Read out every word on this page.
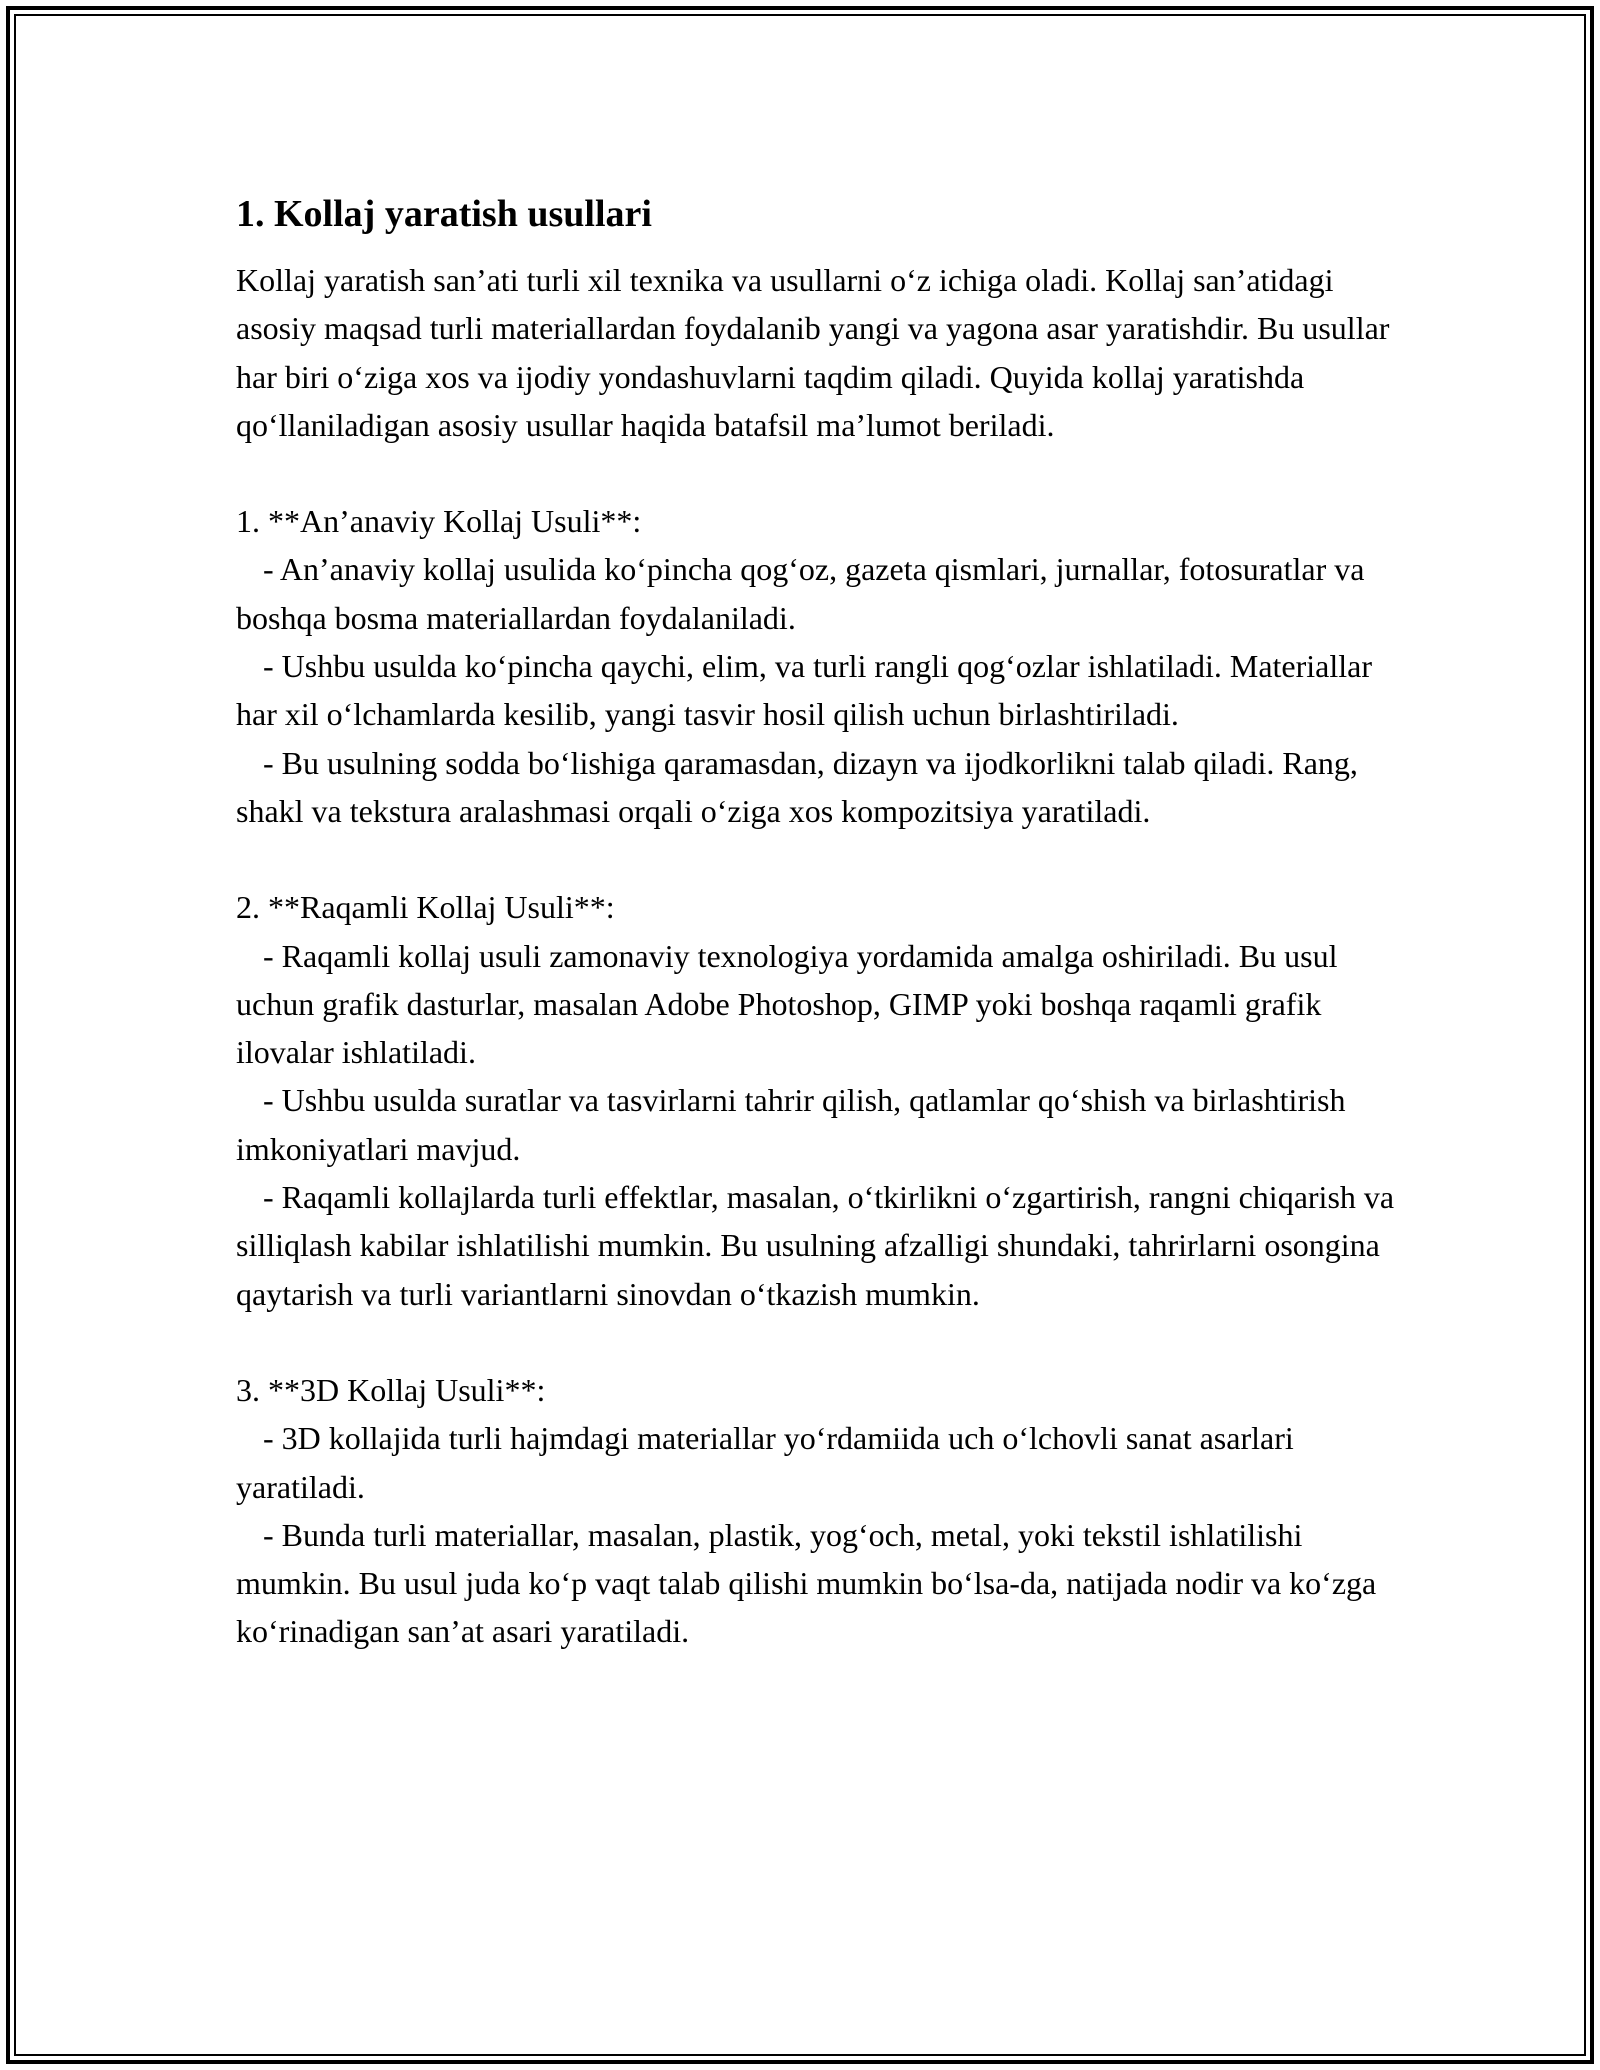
1. Kollaj yaratish usullari

Kollaj yaratish san’ati turli xil texnika va usullarni o‘z ichiga oladi. Kollaj san’atidagi asosiy maqsad turli materiallardan foydalanib yangi va yagona asar yaratishdir. Bu usullar har biri o‘ziga xos va ijodiy yondashuvlarni taqdim qiladi. Quyida kollaj yaratishda qo‘llaniladigan asosiy usullar haqida batafsil ma’lumot beriladi.

1. **An’anaviy Kollaj Usuli**:
- An’anaviy kollaj usulida ko‘pincha qog‘oz, gazeta qismlari, jurnallar, fotosuratlar va boshqa bosma materiallardan foydalaniladi.
- Ushbu usulda ko‘pincha qaychi, elim, va turli rangli qog‘ozlar ishlatiladi. Materiallar har xil o‘lchamlarda kesilib, yangi tasvir hosil qilish uchun birlashtiriladi.
- Bu usulning sodda bo‘lishiga qaramasdan, dizayn va ijodkorlikni talab qiladi. Rang, shakl va tekstura aralashmasi orqali o‘ziga xos kompozitsiya yaratiladi.
2. **Raqamli Kollaj Usuli**:
- Raqamli kollaj usuli zamonaviy texnologiya yordamida amalga oshiriladi. Bu usul uchun grafik dasturlar, masalan Adobe Photoshop, GIMP yoki boshqa raqamli grafik ilovalar ishlatiladi.
- Ushbu usulda suratlar va tasvirlarni tahrir qilish, qatlamlar qo‘shish va birlashtirish imkoniyatlari mavjud.
- Raqamli kollajlarda turli effektlar, masalan, o‘tkirlikni o‘zgartirish, rangni chiqarish va silliqlash kabilar ishlatilishi mumkin. Bu usulning afzalligi shundaki, tahrirlarni osongina qaytarish va turli variantlarni sinovdan o‘tkazish mumkin.
3. **3D Kollaj Usuli**:
- 3D kollajida turli hajmdagi materiallar yo‘rdamiida uch o‘lchovli sanat asarlari yaratiladi.
- Bunda turli materiallar, masalan, plastik, yog‘och, metal, yoki tekstil ishlatilishi mumkin. Bu usul juda ko‘p vaqt talab qilishi mumkin bo‘lsa-da, natijada nodir va ko‘zga ko‘rinadigan san’at asari yaratiladi.
